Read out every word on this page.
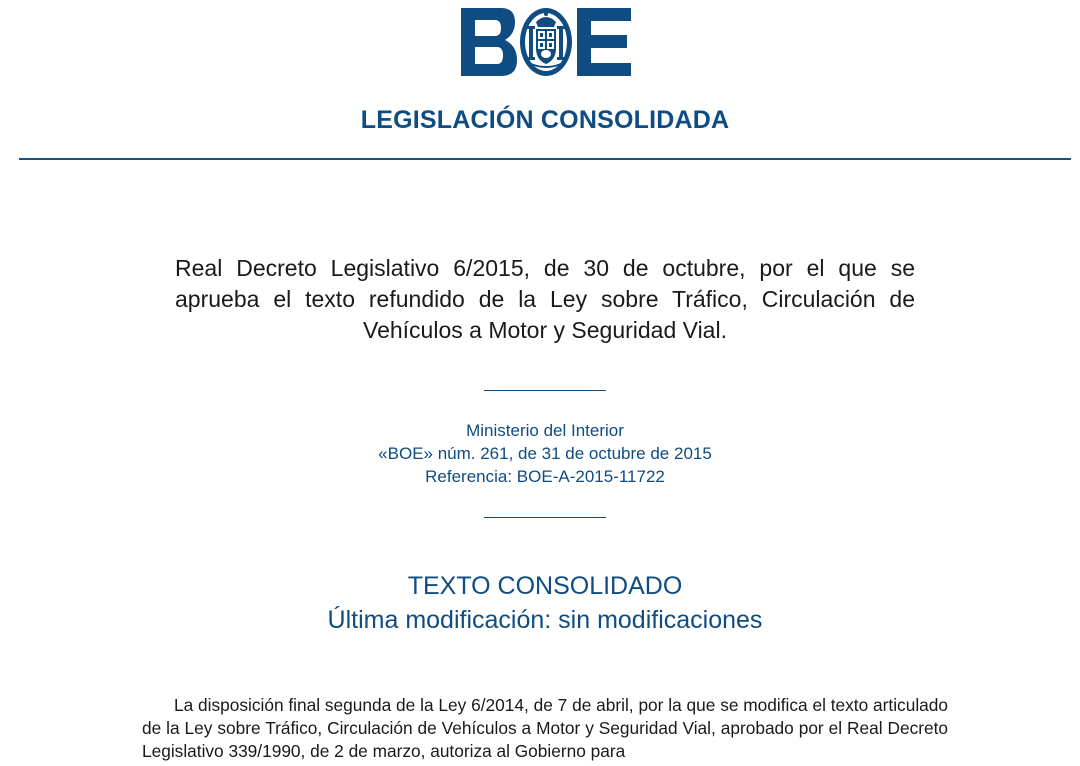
LEGISLACIÓN CONSOLIDADA
Real Decreto Legislativo 6/2015, de 30 de octubre, por el que se aprueba el texto refundido de la Ley sobre Tráfico, Circulación de Vehículos a Motor y Seguridad Vial.
Ministerio del Interior
«BOE» núm. 261, de 31 de octubre de 2015
Referencia: BOE-A-2015-11722
TEXTO CONSOLIDADO
Última modificación: sin modificaciones

La disposición final segunda de la Ley 6/2014, de 7 de abril, por la que se modifica el texto articulado de la Ley sobre Tráfico, Circulación de Vehículos a Motor y Seguridad Vial, aprobado por el Real Decreto Legislativo 339/1990, de 2 de marzo, autoriza al Gobierno para
